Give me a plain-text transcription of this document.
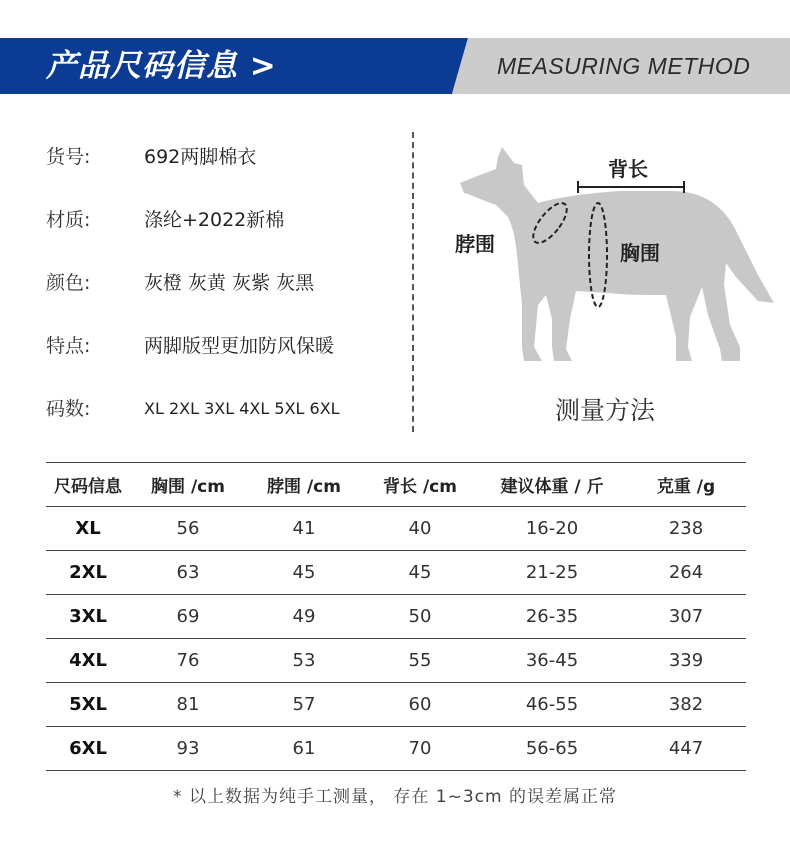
产品尺码信息 >	MEASURING METHOD
货号:	692两脚棉衣
材质:	涤纶+2022新棉
颜色:	灰橙 灰黄 灰紫 灰黑
特点:	两脚版型更加防风保暖
码数:	XL 2XL 3XL 4XL 5XL 6XL
背长
脖围	胸围
测量方法
尺码信息	胸围 /cm	脖围 /cm	背长 /cm	建议体重 / 斤	克重 /g
XL	56	41	40	16-20	238
2XL	63	45	45	21-25	264
3XL	69	49	50	26-35	307
4XL	76	53	55	36-45	339
5XL	81	57	60	46-55	382
6XL	93	61	70	56-65	447
* 以上数据为纯手工测量， 存在 1~3cm 的误差属正常
